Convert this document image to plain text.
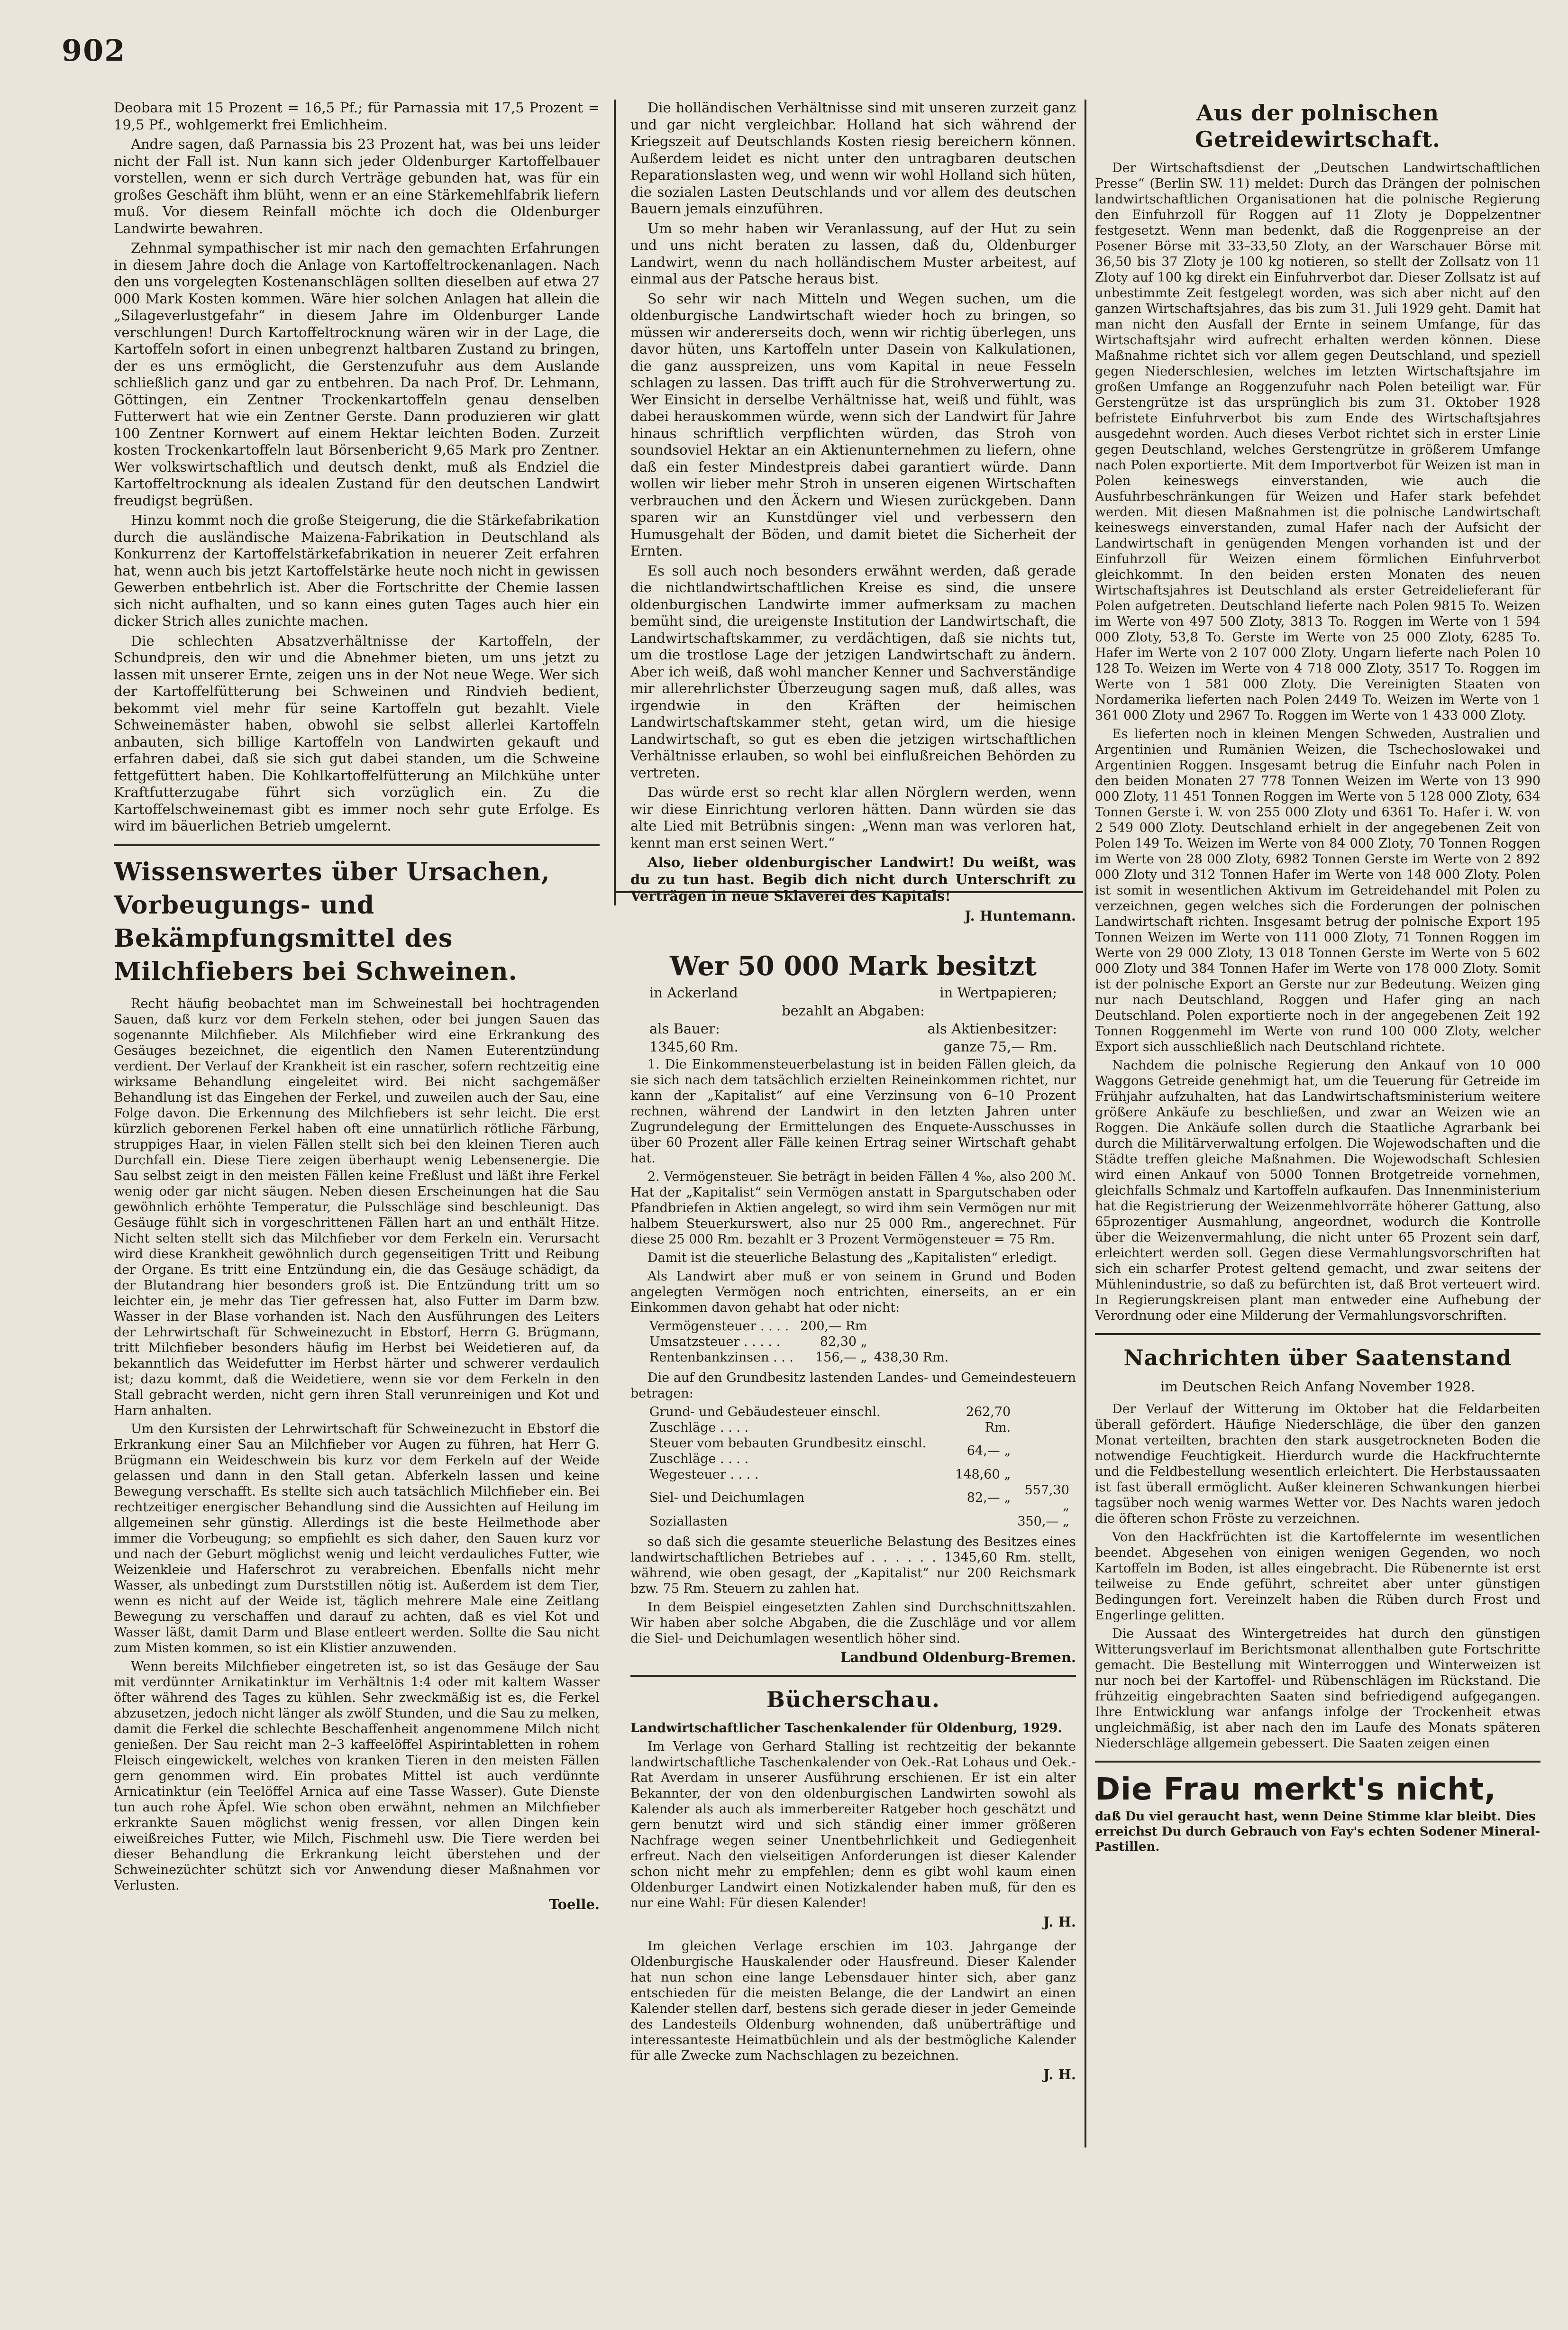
902

Deobara mit 15 Prozent = 16,5 Pf.; für Parnassia mit 17,5 Prozent = 19,5 Pf., wohlgemerkt frei Emlichheim.

Andre sagen, daß Parnassia bis 23 Prozent hat, was bei uns leider nicht der Fall ist. Nun kann sich jeder Oldenburger Kartoffelbauer vorstellen, wenn er sich durch Verträge gebunden hat, was für ein großes Geschäft ihm blüht, wenn er an eine Stärkemehlfabrik liefern muß. Vor diesem Reinfall möchte ich doch die Oldenburger Landwirte bewahren.

Zehnmal sympathischer ist mir nach den gemachten Erfahrungen in diesem Jahre doch die Anlage von Kartoffeltrockenanlagen. Nach den uns vorgelegten Kostenanschlägen sollten dieselben auf etwa 27 000 Mark Kosten kommen. Wäre hier solchen Anlagen hat allein die „Silageverlustgefahr“ in diesem Jahre im Oldenburger Lande verschlungen! Durch Kartoffeltrocknung wären wir in der Lage, die Kartoffeln sofort in einen unbegrenzt haltbaren Zustand zu bringen, der es uns ermöglicht, die Gerstenzufuhr aus dem Auslande schließlich ganz und gar zu entbehren. Da nach Prof. Dr. Lehmann, Göttingen, ein Zentner Trockenkartoffeln genau denselben Futterwert hat wie ein Zentner Gerste. Dann produzieren wir glatt 100 Zentner Kornwert auf einem Hektar leichten Boden. Zurzeit kosten Trockenkartoffeln laut Börsenbericht 9,65 Mark pro Zentner. Wer volkswirtschaftlich und deutsch denkt, muß als Endziel die Kartoffeltrocknung als idealen Zustand für den deutschen Landwirt freudigst begrüßen.

Hinzu kommt noch die große Steigerung, die die Stärkefabrikation durch die ausländische Maizena-Fabrikation in Deutschland als Konkurrenz der Kartoffelstärkefabrikation in neuerer Zeit erfahren hat, wenn auch bis jetzt Kartoffelstärke heute noch nicht in gewissen Gewerben entbehrlich ist. Aber die Fortschritte der Chemie lassen sich nicht aufhalten, und so kann eines guten Tages auch hier ein dicker Strich alles zunichte machen.

Die schlechten Absatzverhältnisse der Kartoffeln, der Schundpreis, den wir und die Abnehmer bieten, um uns jetzt zu lassen mit unserer Ernte, zeigen uns in der Not neue Wege. Wer sich der Kartoffelfütterung bei Schweinen und Rindvieh bedient, bekommt viel mehr für seine Kartoffeln gut bezahlt. Viele Schweinemäster haben, obwohl sie selbst allerlei Kartoffeln anbauten, sich billige Kartoffeln von Landwirten gekauft und erfahren dabei, daß sie sich gut dabei standen, um die Schweine fettgefüttert haben. Die Kohlkartoffelfütterung an Milchkühe unter Kraftfutterzugabe führt sich vorzüglich ein. Zu die Kartoffelschweinemast gibt es immer noch sehr gute Erfolge. Es wird im bäuerlichen Betrieb umgelernt.

Wissenswertes über Ursachen, Vorbeugungs- und Bekämpfungsmittel des Milchfiebers bei Schweinen.

Recht häufig beobachtet man im Schweinestall bei hochtragenden Sauen, daß kurz vor dem Ferkeln stehen, oder bei jungen Sauen das sogenannte Milchfieber. Als Milchfieber wird eine Erkrankung des Gesäuges bezeichnet, die eigentlich den Namen Euterentzündung verdient. Der Verlauf der Krankheit ist ein rascher, sofern rechtzeitig eine wirksame Behandlung eingeleitet wird. Bei nicht sachgemäßer Behandlung ist das Eingehen der Ferkel, und zuweilen auch der Sau, eine Folge davon. Die Erkennung des Milchfiebers ist sehr leicht. Die erst kürzlich geborenen Ferkel haben oft eine unnatürlich rötliche Färbung, struppiges Haar, in vielen Fällen stellt sich bei den kleinen Tieren auch Durchfall ein. Diese Tiere zeigen überhaupt wenig Lebensenergie. Die Sau selbst zeigt in den meisten Fällen keine Freßlust und läßt ihre Ferkel wenig oder gar nicht säugen. Neben diesen Erscheinungen hat die Sau gewöhnlich erhöhte Temperatur, die Pulsschläge sind beschleunigt. Das Gesäuge fühlt sich in vorgeschrittenen Fällen hart an und enthält Hitze. Nicht selten stellt sich das Milchfieber vor dem Ferkeln ein. Verursacht wird diese Krankheit gewöhnlich durch gegenseitigen Tritt und Reibung der Organe. Es tritt eine Entzündung ein, die das Gesäuge schädigt, da der Blutandrang hier besonders groß ist. Die Entzündung tritt um so leichter ein, je mehr das Tier gefressen hat, also Futter im Darm bzw. Wasser in der Blase vorhanden ist. Nach den Ausführungen des Leiters der Lehrwirtschaft für Schweinezucht in Ebstorf, Herrn G. Brügmann, tritt Milchfieber besonders häufig im Herbst bei Weidetieren auf, da bekanntlich das Weidefutter im Herbst härter und schwerer verdaulich ist; dazu kommt, daß die Weidetiere, wenn sie vor dem Ferkeln in den Stall gebracht werden, nicht gern ihren Stall verunreinigen und Kot und Harn anhalten.

Um den Kursisten der Lehrwirtschaft für Schweinezucht in Ebstorf die Erkrankung einer Sau an Milchfieber vor Augen zu führen, hat Herr G. Brügmann ein Weideschwein bis kurz vor dem Ferkeln auf der Weide gelassen und dann in den Stall getan. Abferkeln lassen und keine Bewegung verschafft. Es stellte sich auch tatsächlich Milchfieber ein. Bei rechtzeitiger energischer Behandlung sind die Aussichten auf Heilung im allgemeinen sehr günstig. Allerdings ist die beste Heilmethode aber immer die Vorbeugung; so empfiehlt es sich daher, den Sauen kurz vor und nach der Geburt möglichst wenig und leicht verdauliches Futter, wie Weizenkleie und Haferschrot zu verabreichen. Ebenfalls nicht mehr Wasser, als unbedingt zum Durststillen nötig ist. Außerdem ist dem Tier, wenn es nicht auf der Weide ist, täglich mehrere Male eine Zeitlang Bewegung zu verschaffen und darauf zu achten, daß es viel Kot und Wasser läßt, damit Darm und Blase entleert werden. Sollte die Sau nicht zum Misten kommen, so ist ein Klistier anzuwenden.

Wenn bereits Milchfieber eingetreten ist, so ist das Gesäuge der Sau mit verdünnter Arnikatinktur im Verhältnis 1:4 oder mit kaltem Wasser öfter während des Tages zu kühlen. Sehr zweckmäßig ist es, die Ferkel abzusetzen, jedoch nicht länger als zwölf Stunden, und die Sau zu melken, damit die Ferkel die schlechte Beschaffenheit angenommene Milch nicht genießen. Der Sau reicht man 2–3 kaffeelöffel Aspirintabletten in rohem Fleisch eingewickelt, welches von kranken Tieren in den meisten Fällen gern genommen wird. Ein probates Mittel ist auch verdünnte Arnicatinktur (ein Teelöffel Arnica auf eine Tasse Wasser). Gute Dienste tun auch rohe Äpfel. Wie schon oben erwähnt, nehmen an Milchfieber erkrankte Sauen möglichst wenig fressen, vor allen Dingen kein eiweißreiches Futter, wie Milch, Fischmehl usw. Die Tiere werden bei dieser Behandlung die Erkrankung leicht überstehen und der Schweinezüchter schützt sich vor Anwendung dieser Maßnahmen vor Verlusten.

Toelle.

Die holländischen Verhältnisse sind mit unseren zurzeit ganz und gar nicht vergleichbar. Holland hat sich während der Kriegszeit auf Deutschlands Kosten riesig bereichern können. Außerdem leidet es nicht unter den untragbaren deutschen Reparationslasten weg, und wenn wir wohl Holland sich hüten, die sozialen Lasten Deutschlands und vor allem des deutschen Bauern jemals einzuführen.

Um so mehr haben wir Veranlassung, auf der Hut zu sein und uns nicht beraten zu lassen, daß du, Oldenburger Landwirt, wenn du nach holländischem Muster arbeitest, auf einmal aus der Patsche heraus bist.

So sehr wir nach Mitteln und Wegen suchen, um die oldenburgische Landwirtschaft wieder hoch zu bringen, so müssen wir andererseits doch, wenn wir richtig überlegen, uns davor hüten, uns Kartoffeln unter Dasein von Kalkulationen, die ganz ausspreizen, uns vom Kapital in neue Fesseln schlagen zu lassen. Das trifft auch für die Strohverwertung zu. Wer Einsicht in derselbe Verhältnisse hat, weiß und fühlt, was dabei herauskommen würde, wenn sich der Landwirt für Jahre hinaus schriftlich verpflichten würden, das Stroh von soundsoviel Hektar an ein Aktienunternehmen zu liefern, ohne daß ein fester Mindestpreis dabei garantiert würde. Dann wollen wir lieber mehr Stroh in unseren eigenen Wirtschaften verbrauchen und den Äckern und Wiesen zurückgeben. Dann sparen wir an Kunstdünger viel und verbessern den Humusgehalt der Böden, und damit bietet die Sicherheit der Ernten.

Es soll auch noch besonders erwähnt werden, daß gerade die nichtlandwirtschaftlichen Kreise es sind, die unsere oldenburgischen Landwirte immer aufmerksam zu machen bemüht sind, die ureigenste Institution der Landwirtschaft, die Landwirtschaftskammer, zu verdächtigen, daß sie nichts tut, um die trostlose Lage der jetzigen Landwirtschaft zu ändern. Aber ich weiß, daß wohl mancher Kenner und Sachverständige mir allerehrlichster Überzeugung sagen muß, daß alles, was irgendwie in den Kräften der heimischen Landwirtschaftskammer steht, getan wird, um die hiesige Landwirtschaft, so gut es eben die jetzigen wirtschaftlichen Verhältnisse erlauben, so wohl bei einflußreichen Behörden zu vertreten.

Das würde erst so recht klar allen Nörglern werden, wenn wir diese Einrichtung verloren hätten. Dann würden sie das alte Lied mit Betrübnis singen: „Wenn man was verloren hat, kennt man erst seinen Wert.“

Also, lieber oldenburgischer Landwirt! Du weißt, was du zu tun hast. Begib dich nicht durch Unterschrift zu Verträgen in neue Sklaverei des Kapitals!

J. Huntemann.
Wer 50 000 Mark besitzt
in Ackerland	in Wertpapieren;
bezahlt an Abgaben:
als Bauer:	als Aktienbesitzer:
1345,60 Rm.	ganze 75,— Rm.

1. Die Einkommensteuerbelastung ist in beiden Fällen gleich, da sie sich nach dem tatsächlich erzielten Reineinkommen richtet, nur kann der „Kapitalist“ auf eine Verzinsung von 6–10 Prozent rechnen, während der Landwirt in den letzten Jahren unter Zugrundelegung der Ermittelungen des Enquete-Ausschusses in über 60 Prozent aller Fälle keinen Ertrag seiner Wirtschaft gehabt hat.

2. Vermögensteuer. Sie beträgt in beiden Fällen 4 ‰, also 200 ℳ. Hat der „Kapitalist“ sein Vermögen anstatt in Spargutschaben oder Pfandbriefen in Aktien angelegt, so wird ihm sein Vermögen nur mit halbem Steuerkurswert, also nur 25 000 Rm., angerechnet. Für diese 25 000 Rm. bezahlt er 3 Prozent Vermögensteuer = 75 Rm.

Damit ist die steuerliche Belastung des „Kapitalisten“ erledigt.

Als Landwirt aber muß er von seinem in Grund und Boden angelegten Vermögen noch entrichten, einerseits, an er ein Einkommen davon gehabt hat oder nicht:

Vermögensteuer . . . .	200,— Rm	
Umsatzsteuer . . . . .	82,30 „	
Rentenbankzinsen . . .	156,— „	438,30 Rm.

Die auf den Grundbesitz lastenden Landes- und Gemeindesteuern betragen:

Grund- und Gebäudesteuer einschl. Zuschläge . . . .	262,70 Rm.	
Steuer vom bebauten Grundbesitz einschl. Zuschläge . . . .	64,— „	
Wegesteuer . . . .	148,60 „	
Siel- und Deichumlagen	82,— „	557,30 „
Soziallasten		350,— „

so daß sich die gesamte steuerliche Belastung des Besitzes eines landwirtschaftlichen Betriebes auf . . . . . . 1345,60 Rm. stellt, während, wie oben gesagt, der „Kapitalist“ nur 200 Reichsmark bzw. 75 Rm. Steuern zu zahlen hat.

In dem Beispiel eingesetzten Zahlen sind Durchschnittszahlen. Wir haben aber solche Abgaben, die die Zuschläge und vor allem die Siel- und Deichumlagen wesentlich höher sind.

Landbund Oldenburg-Bremen.
Bücherschau.

Landwirtschaftlicher Taschenkalender für Oldenburg, 1929.

Im Verlage von Gerhard Stalling ist rechtzeitig der bekannte landwirtschaftliche Taschenkalender von Oek.-Rat Lohaus und Oek.-Rat Averdam in unserer Ausführung erschienen. Er ist ein alter Bekannter, der von den oldenburgischen Landwirten sowohl als Kalender als auch als immerbereiter Ratgeber hoch geschätzt und gern benutzt wird und sich ständig einer immer größeren Nachfrage wegen seiner Unentbehrlichkeit und Gediegenheit erfreut. Nach den vielseitigen Anforderungen ist dieser Kalender schon nicht mehr zu empfehlen; denn es gibt wohl kaum einen Oldenburger Landwirt einen Notizkalender haben muß, für den es nur eine Wahl: Für diesen Kalender!

J. H.

Im gleichen Verlage erschien im 103. Jahrgange der Oldenburgische Hauskalender oder Hausfreund. Dieser Kalender hat nun schon eine lange Lebensdauer hinter sich, aber ganz entschieden für die meisten Belange, die der Landwirt an einen Kalender stellen darf, bestens sich gerade dieser in jeder Gemeinde des Landesteils Oldenburg wohnenden, daß unüberträftige und interessanteste Heimatbüchlein und als der bestmögliche Kalender für alle Zwecke zum Nachschlagen zu bezeichnen.

J. H.
Aus der polnischen Getreidewirtschaft.

Der Wirtschaftsdienst der „Deutschen Landwirtschaftlichen Presse“ (Berlin SW. 11) meldet: Durch das Drängen der polnischen landwirtschaftlichen Organisationen hat die polnische Regierung den Einfuhrzoll für Roggen auf 11 Zloty je Doppelzentner festgesetzt. Wenn man bedenkt, daß die Roggenpreise an der Posener Börse mit 33–33,50 Zloty, an der Warschauer Börse mit 36,50 bis 37 Zloty je 100 kg notieren, so stellt der Zollsatz von 11 Zloty auf 100 kg direkt ein Einfuhrverbot dar. Dieser Zollsatz ist auf unbestimmte Zeit festgelegt worden, was sich aber nicht auf den ganzen Wirtschaftsjahres, das bis zum 31. Juli 1929 geht. Damit hat man nicht den Ausfall der Ernte in seinem Umfange, für das Wirtschaftsjahr wird aufrecht erhalten werden können. Diese Maßnahme richtet sich vor allem gegen Deutschland, und speziell gegen Niederschlesien, welches im letzten Wirtschaftsjahre im großen Umfange an Roggenzufuhr nach Polen beteiligt war. Für Gerstengrütze ist das ursprünglich bis zum 31. Oktober 1928 befristete Einfuhrverbot bis zum Ende des Wirtschaftsjahres ausgedehnt worden. Auch dieses Verbot richtet sich in erster Linie gegen Deutschland, welches Gerstengrütze in größerem Umfange nach Polen exportierte. Mit dem Importverbot für Weizen ist man in Polen keineswegs einverstanden, wie auch die Ausfuhrbeschränkungen für Weizen und Hafer stark befehdet werden. Mit diesen Maßnahmen ist die polnische Landwirtschaft keineswegs einverstanden, zumal Hafer nach der Aufsicht der Landwirtschaft in genügenden Mengen vorhanden ist und der Einfuhrzoll für Weizen einem förmlichen Einfuhrverbot gleichkommt. In den beiden ersten Monaten des neuen Wirtschaftsjahres ist Deutschland als erster Getreidelieferant für Polen aufgetreten. Deutschland lieferte nach Polen 9815 To. Weizen im Werte von 497 500 Zloty, 3813 To. Roggen im Werte von 1 594 000 Zloty, 53,8 To. Gerste im Werte von 25 000 Zloty, 6285 To. Hafer im Werte von 2 107 000 Zloty. Ungarn lieferte nach Polen 10 128 To. Weizen im Werte von 4 718 000 Zloty, 3517 To. Roggen im Werte von 1 581 000 Zloty. Die Vereinigten Staaten von Nordamerika lieferten nach Polen 2449 To. Weizen im Werte von 1 361 000 Zloty und 2967 To. Roggen im Werte von 1 433 000 Zloty.

Es lieferten noch in kleinen Mengen Schweden, Australien und Argentinien und Rumänien Weizen, die Tschechoslowakei und Argentinien Roggen. Insgesamt betrug die Einfuhr nach Polen in den beiden Monaten 27 778 Tonnen Weizen im Werte von 13 990 000 Zloty, 11 451 Tonnen Roggen im Werte von 5 128 000 Zloty, 634 Tonnen Gerste i. W. von 255 000 Zloty und 6361 To. Hafer i. W. von 2 549 000 Zloty. Deutschland erhielt in der angegebenen Zeit von Polen 149 To. Weizen im Werte von 84 000 Zloty, 70 Tonnen Roggen im Werte von 28 000 Zloty, 6982 Tonnen Gerste im Werte von 2 892 000 Zloty und 312 Tonnen Hafer im Werte von 148 000 Zloty. Polen ist somit in wesentlichen Aktivum im Getreidehandel mit Polen zu verzeichnen, gegen welches sich die Forderungen der polnischen Landwirtschaft richten. Insgesamt betrug der polnische Export 195 Tonnen Weizen im Werte von 111 000 Zloty, 71 Tonnen Roggen im Werte von 29 000 Zloty, 13 018 Tonnen Gerste im Werte von 5 602 000 Zloty und 384 Tonnen Hafer im Werte von 178 000 Zloty. Somit ist der polnische Export an Gerste nur zur Bedeutung. Weizen ging nur nach Deutschland, Roggen und Hafer ging an nach Deutschland. Polen exportierte noch in der angegebenen Zeit 192 Tonnen Roggenmehl im Werte von rund 100 000 Zloty, welcher Export sich ausschließlich nach Deutschland richtete.

Nachdem die polnische Regierung den Ankauf von 10 000 Waggons Getreide genehmigt hat, um die Teuerung für Getreide im Frühjahr aufzuhalten, hat das Landwirtschaftsministerium weitere größere Ankäufe zu beschließen, und zwar an Weizen wie an Roggen. Die Ankäufe sollen durch die Staatliche Agrarbank bei durch die Militärverwaltung erfolgen. Die Wojewodschaften und die Städte treffen gleiche Maßnahmen. Die Wojewodschaft Schlesien wird einen Ankauf von 5000 Tonnen Brotgetreide vornehmen, gleichfalls Schmalz und Kartoffeln aufkaufen. Das Innenministerium hat die Registrierung der Weizenmehlvorräte höherer Gattung, also 65prozentiger Ausmahlung, angeordnet, wodurch die Kontrolle über die Weizenvermahlung, die nicht unter 65 Prozent sein darf, erleichtert werden soll. Gegen diese Vermahlungsvorschriften hat sich ein scharfer Protest geltend gemacht, und zwar seitens der Mühlenindustrie, so daß zu befürchten ist, daß Brot verteuert wird. In Regierungskreisen plant man entweder eine Aufhebung der Verordnung oder eine Milderung der Vermahlungsvorschriften.

Nachrichten über Saatenstand
im Deutschen Reich Anfang November 1928.

Der Verlauf der Witterung im Oktober hat die Feldarbeiten überall gefördert. Häufige Niederschläge, die über den ganzen Monat verteilten, brachten den stark ausgetrockneten Boden die notwendige Feuchtigkeit. Hierdurch wurde die Hackfruchternte und die Feldbestellung wesentlich erleichtert. Die Herbstaussaaten ist fast überall ermöglicht. Außer kleineren Schwankungen hierbei tagsüber noch wenig warmes Wetter vor. Des Nachts waren jedoch die öfteren schon Fröste zu verzeichnen.

Von den Hackfrüchten ist die Kartoffelernte im wesentlichen beendet. Abgesehen von einigen wenigen Gegenden, wo noch Kartoffeln im Boden, ist alles eingebracht. Die Rübenernte ist erst teilweise zu Ende geführt, schreitet aber unter günstigen Bedingungen fort. Vereinzelt haben die Rüben durch Frost und Engerlinge gelitten.

Die Aussaat des Wintergetreides hat durch den günstigen Witterungsverlauf im Berichtsmonat allenthalben gute Fortschritte gemacht. Die Bestellung mit Winterroggen und Winterweizen ist nur noch bei der Kartoffel- und Rübenschlägen im Rückstand. Die frühzeitig eingebrachten Saaten sind befriedigend aufgegangen. Ihre Entwicklung war anfangs infolge der Trockenheit etwas ungleichmäßig, ist aber nach den im Laufe des Monats späteren Niederschläge allgemein gebessert. Die Saaten zeigen einen

Die Frau merkt's nicht,
daß Du viel geraucht hast, wenn Deine Stimme klar bleibt. Dies erreichst Du durch Gebrauch von Fay's echten Sodener Mineral-Pastillen.
